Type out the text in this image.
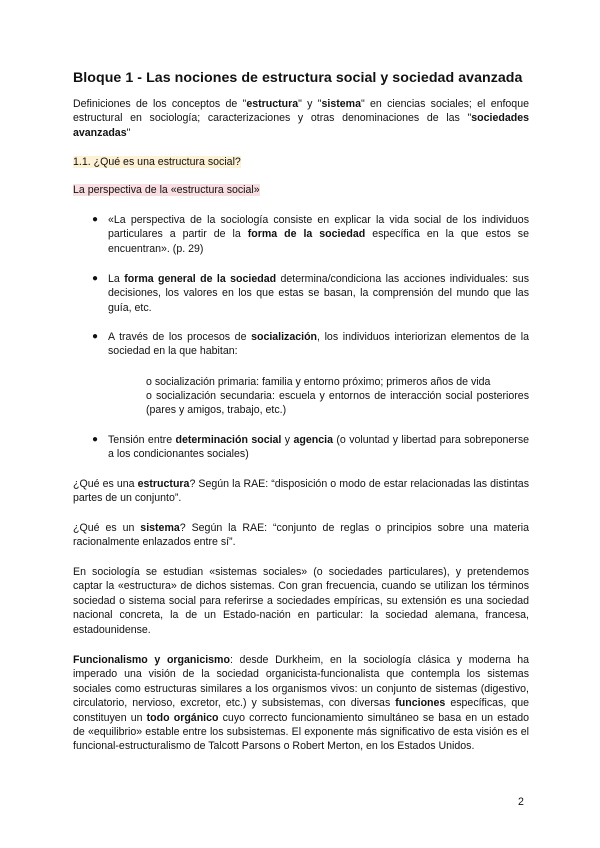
Bloque 1 - Las nociones de estructura social y sociedad avanzada
Definiciones de los conceptos de "estructura" y "sistema" en ciencias sociales; el enfoque estructural en sociología; caracterizaciones y otras denominaciones de las "sociedades avanzadas"
1.1. ¿Qué es una estructura social?
La perspectiva de la «estructura social»
● «La perspectiva de la sociología consiste en explicar la vida social de los individuos particulares a partir de la forma de la sociedad específica en la que estos se encuentran». (p. 29)
● La forma general de la sociedad determina/condiciona las acciones individuales: sus decisiones, los valores en los que estas se basan, la comprensión del mundo que las guía, etc.
● A través de los procesos de socialización, los individuos interiorizan elementos de la sociedad en la que habitan:
o socialización primaria: familia y entorno próximo; primeros años de vida
o socialización secundaria: escuela y entornos de interacción social posteriores (pares y amigos, trabajo, etc.)
● Tensión entre determinación social y agencia (o voluntad y libertad para sobreponerse a los condicionantes sociales)
¿Qué es una estructura? Según la RAE: “disposición o modo de estar relacionadas las distintas partes de un conjunto”.
¿Qué es un sistema? Según la RAE: “conjunto de reglas o principios sobre una materia racionalmente enlazados entre sí”.
En sociología se estudian «sistemas sociales» (o sociedades particulares), y pretendemos captar la «estructura» de dichos sistemas. Con gran frecuencia, cuando se utilizan los términos sociedad o sistema social para referirse a sociedades empíricas, su extensión es una sociedad nacional concreta, la de un Estado-nación en particular: la sociedad alemana, francesa, estadounidense.
Funcionalismo y organicismo: desde Durkheim, en la sociología clásica y moderna ha imperado una visión de la sociedad organicista-funcionalista que contempla los sistemas sociales como estructuras similares a los organismos vivos: un conjunto de sistemas (digestivo, circulatorio, nervioso, excretor, etc.) y subsistemas, con diversas funciones específicas, que constituyen un todo orgánico cuyo correcto funcionamiento simultáneo se basa en un estado de «equilibrio» estable entre los subsistemas. El exponente más significativo de esta visión es el funcional-estructuralismo de Talcott Parsons o Robert Merton, en los Estados Unidos.
2
